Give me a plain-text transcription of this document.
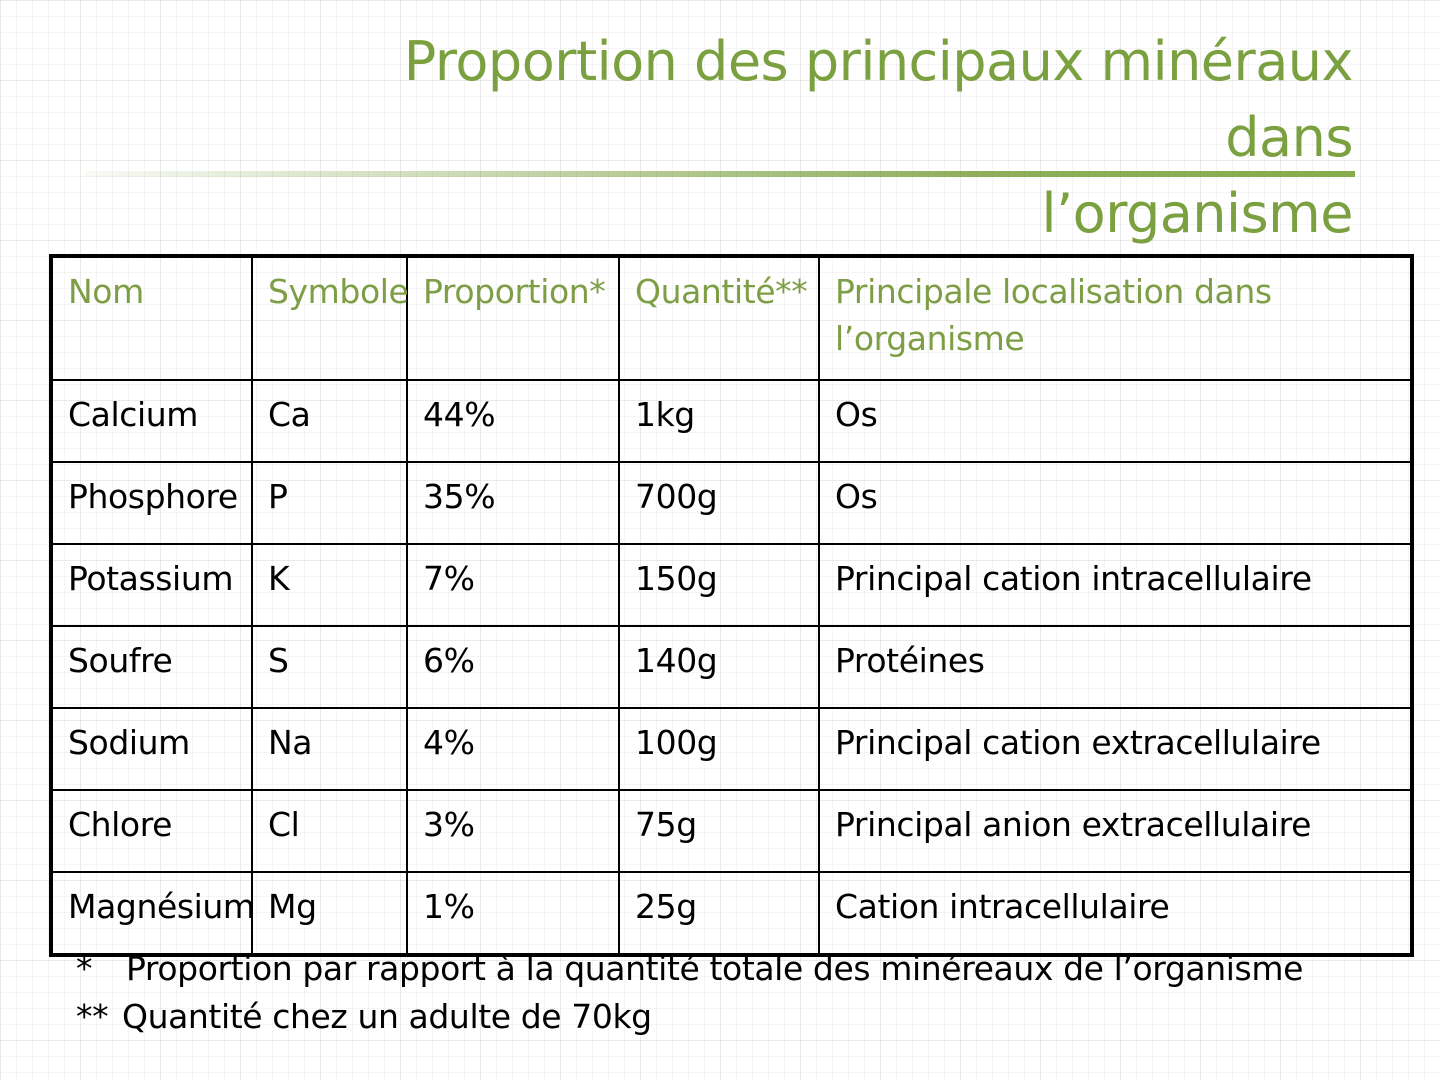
Proportion des principaux minéraux dans
l’organisme
Nom	Symbole	Proportion*	Quantité**	Principale localisation dans l’organisme
Calcium	Ca	44%	1kg	Os
Phosphore	P	35%	700g	Os
Potassium	K	7%	150g	Principal cation intracellulaire
Soufre	S	6%	140g	Protéines
Sodium	Na	4%	100g	Principal cation extracellulaire
Chlore	Cl	3%	75g	Principal anion extracellulaire
Magnésium	Mg	1%	25g	Cation intracellulaire
* Proportion par rapport à la quantité totale des minéreaux de l’organisme
** Quantité chez un adulte de 70kg
